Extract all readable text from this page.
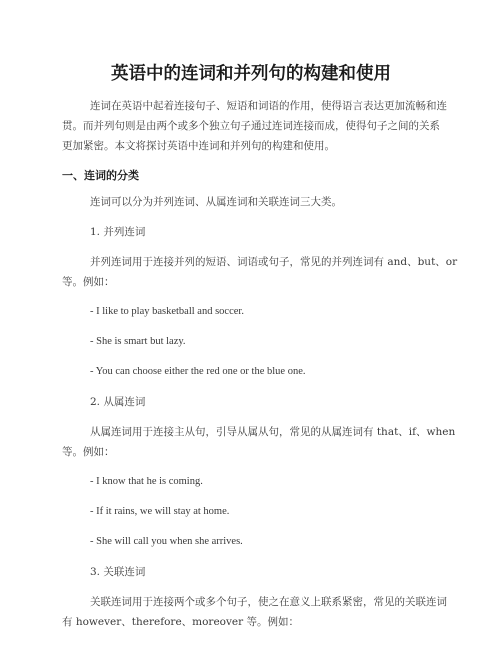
英语中的连词和并列句的构建和使用

连词在英语中起着连接句子、短语和词语的作用，使得语言表达更加流畅和连

贯。而并列句则是由两个或多个独立句子通过连词连接而成，使得句子之间的关系

更加紧密。本文将探讨英语中连词和并列句的构建和使用。

一、连词的分类

连词可以分为并列连词、从属连词和关联连词三大类。

1. 并列连词

并列连词用于连接并列的短语、词语或句子，常见的并列连词有 and、but、or

等。例如：

- I like to play basketball and soccer.

- She is smart but lazy.

- You can choose either the red one or the blue one.

2. 从属连词

从属连词用于连接主从句，引导从属从句，常见的从属连词有 that、if、when

等。例如：

- I know that he is coming.

- If it rains, we will stay at home.

- She will call you when she arrives.

3. 关联连词

关联连词用于连接两个或多个句子，使之在意义上联系紧密，常见的关联连词

有 however、therefore、moreover 等。例如：
